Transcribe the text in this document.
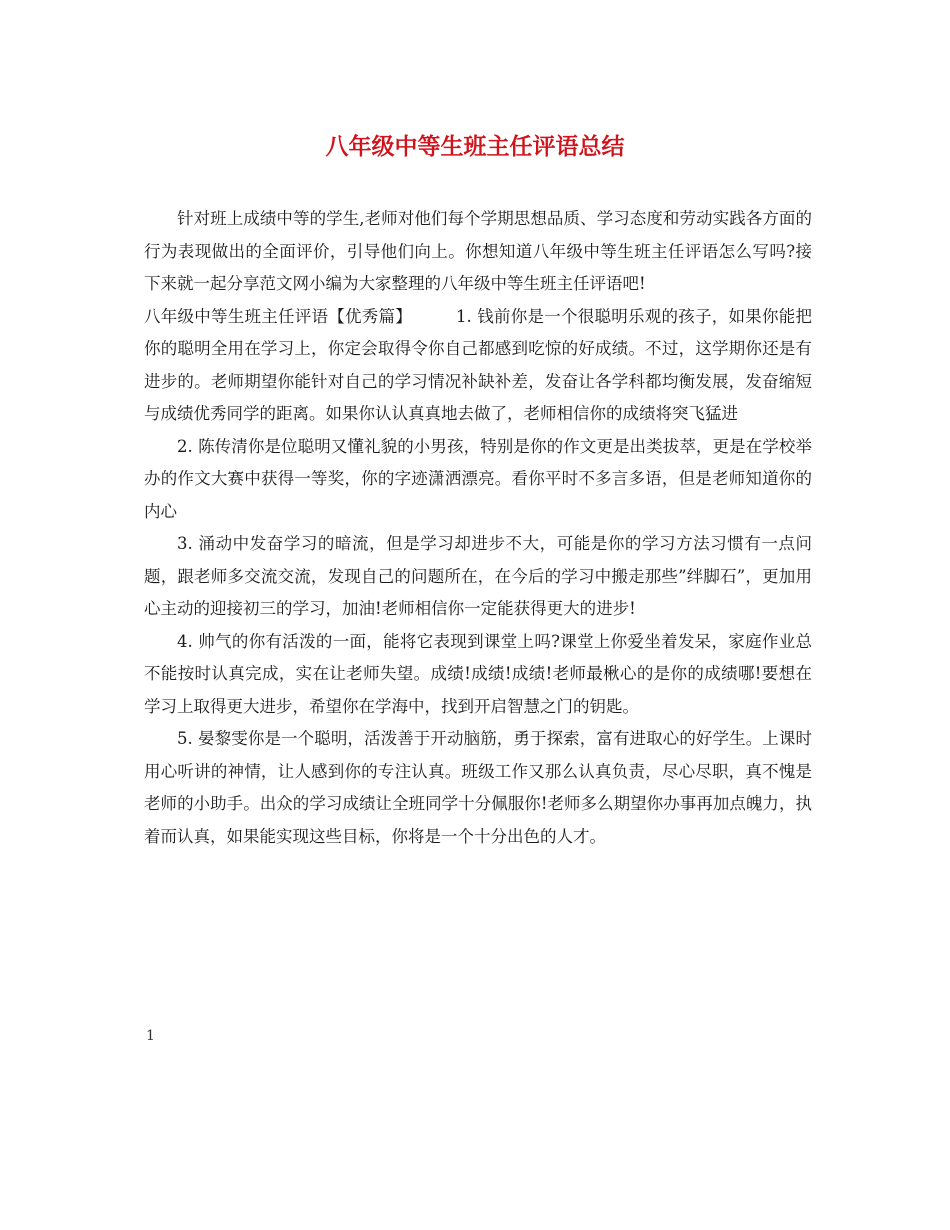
八年级中等生班主任评语总结

针对班上成绩中等的学生,老师对他们每个学期思想品质、学习态度和劳动实践各方面的行为表现做出的全面评价，引导他们向上。你想知道八年级中等生班主任评语怎么写吗?接下来就一起分享范文网小编为大家整理的八年级中等生班主任评语吧!

八年级中等生班主任评语【优秀篇】	1. 钱前你是一个很聪明乐观的孩子，如果你能把你的聪明全用在学习上，你定会取得令你自己都感到吃惊的好成绩。不过，这学期你还是有进步的。老师期望你能针对自己的学习情况补缺补差，发奋让各学科都均衡发展，发奋缩短与成绩优秀同学的距离。如果你认认真真地去做了，老师相信你的成绩将突飞猛进

2. 陈传清你是位聪明又懂礼貌的小男孩，特别是你的作文更是出类拔萃，更是在学校举办的作文大赛中获得一等奖，你的字迹潇洒漂亮。看你平时不多言多语，但是老师知道你的内心

3. 涌动中发奋学习的暗流，但是学习却进步不大，可能是你的学习方法习惯有一点问题，跟老师多交流交流，发现自己的问题所在，在今后的学习中搬走那些”绊脚石”，更加用心主动的迎接初三的学习，加油!老师相信你一定能获得更大的进步!

4. 帅气的你有活泼的一面，能将它表现到课堂上吗?课堂上你爱坐着发呆，家庭作业总不能按时认真完成，实在让老师失望。成绩!成绩!成绩!老师最楸心的是你的成绩哪!要想在学习上取得更大进步，希望你在学海中，找到开启智慧之门的钥匙。

5. 晏黎雯你是一个聪明，活泼善于开动脑筋，勇于探索，富有进取心的好学生。上课时用心听讲的神情，让人感到你的专注认真。班级工作又那么认真负责，尽心尽职，真不愧是老师的小助手。出众的学习成绩让全班同学十分佩服你!老师多么期望你办事再加点魄力，执着而认真，如果能实现这些目标，你将是一个十分出色的人才。

1
